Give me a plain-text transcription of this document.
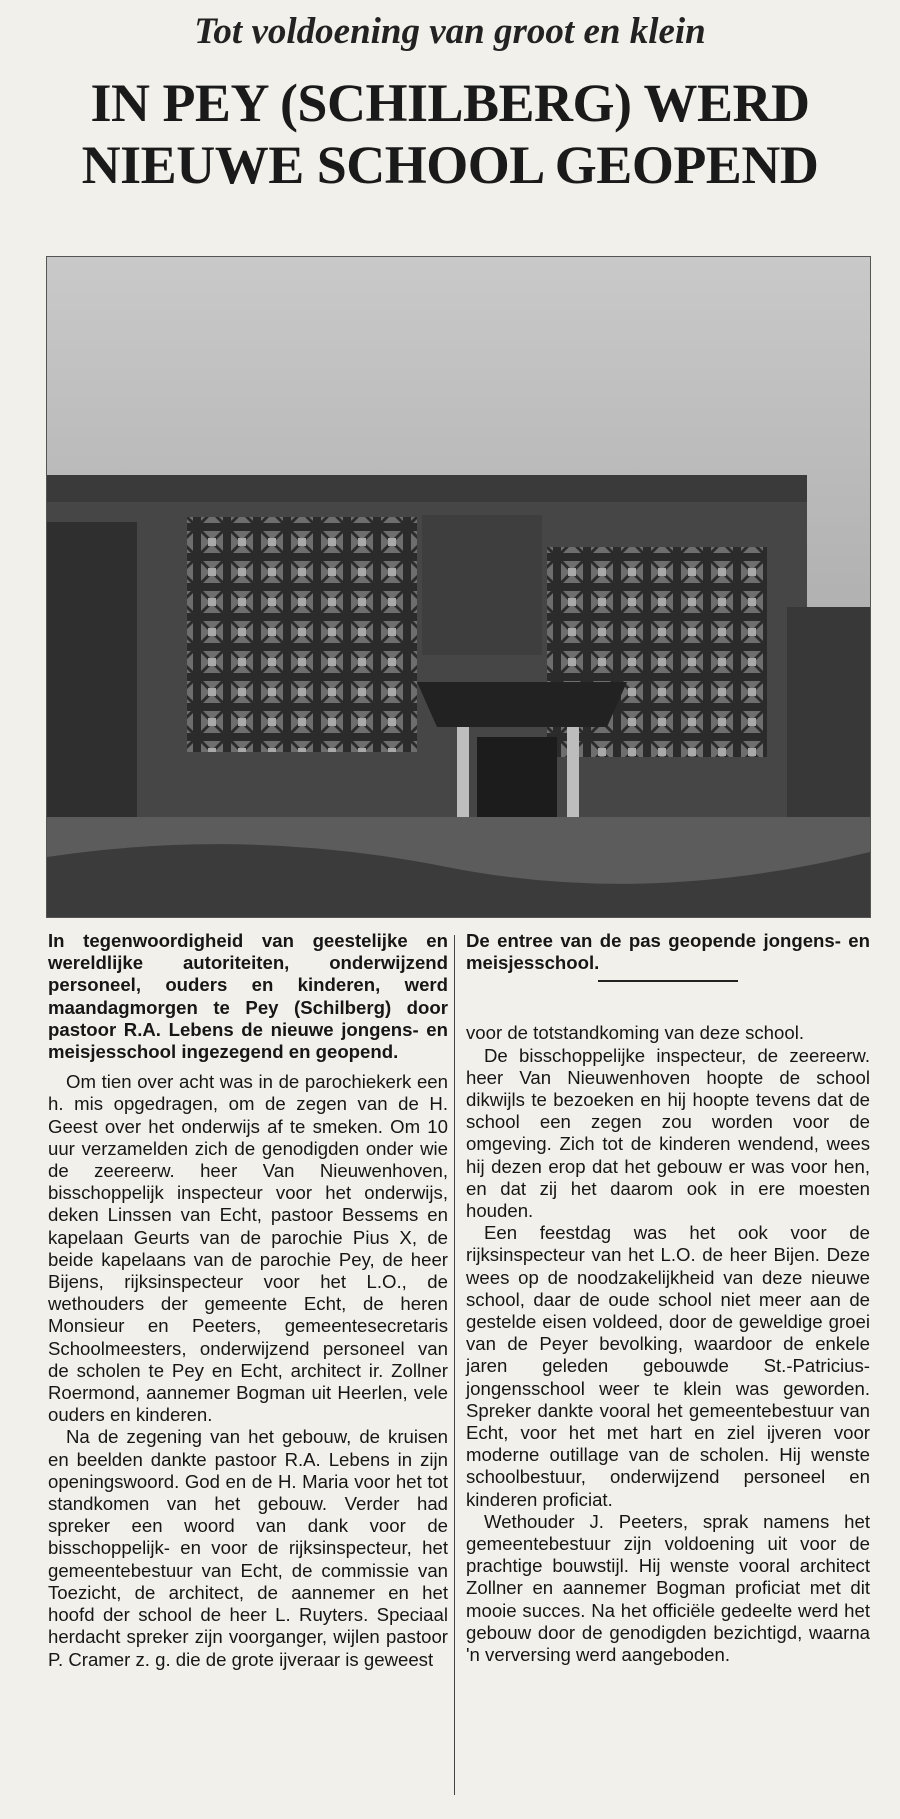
Tot voldoening van groot en klein
IN PEY (SCHILBERG) WERD NIEUWE SCHOOL GEOPEND

In tegenwoordigheid van geestelijke en wereldlijke autoriteiten, onderwijzend personeel, ouders en kinderen, werd maandagmorgen te Pey (Schilberg) door pastoor R.A. Lebens de nieuwe jongens- en meisjesschool ingezegend en geopend.

Om tien over acht was in de parochiekerk een h. mis opgedragen, om de zegen van de H. Geest over het onderwijs af te smeken. Om 10 uur verzamelden zich de genodigden onder wie de zeereerw. heer Van Nieuwenhoven, bisschoppelijk inspecteur voor het onderwijs, deken Linssen van Echt, pastoor Bessems en kapelaan Geurts van de parochie Pius X, de beide kapelaans van de parochie Pey, de heer Bijens, rijksinspecteur voor het L.O., de wethouders der gemeente Echt, de heren Monsieur en Peeters, gemeentesecretaris Schoolmeesters, onderwijzend personeel van de scholen te Pey en Echt, architect ir. Zollner Roermond, aannemer Bogman uit Heerlen, vele ouders en kinderen.

Na de zegening van het gebouw, de kruisen en beelden dankte pastoor R.A. Lebens in zijn openingswoord. God en de H. Maria voor het tot standkomen van het gebouw. Verder had spreker een woord van dank voor de bisschoppelijk- en voor de rijksinspecteur, het gemeentebestuur van Echt, de commissie van Toezicht, de architect, de aannemer en het hoofd der school de heer L. Ruyters. Speciaal herdacht spreker zijn voorganger, wijlen pastoor P. Cramer z. g. die de grote ijveraar is geweest

De entree van de pas geopende jongens- en meisjesschool.

voor de totstandkoming van deze school.

De bisschoppelijke inspecteur, de zeereerw. heer Van Nieuwenhoven hoopte de school dikwijls te bezoeken en hij hoopte tevens dat de school een zegen zou worden voor de omgeving. Zich tot de kinderen wendend, wees hij dezen erop dat het gebouw er was voor hen, en dat zij het daarom ook in ere moesten houden.

Een feestdag was het ook voor de rijksinspecteur van het L.O. de heer Bijen. Deze wees op de noodzakelijkheid van deze nieuwe school, daar de oude school niet meer aan de gestelde eisen voldeed, door de geweldige groei van de Peyer bevolking, waardoor de enkele jaren geleden gebouwde St.-Patricius-jongensschool weer te klein was geworden. Spreker dankte vooral het gemeentebestuur van Echt, voor het met hart en ziel ijveren voor moderne outillage van de scholen. Hij wenste schoolbestuur, onderwijzend personeel en kinderen proficiat.

Wethouder J. Peeters, sprak namens het gemeentebestuur zijn voldoening uit voor de prachtige bouwstijl. Hij wenste vooral architect Zollner en aannemer Bogman proficiat met dit mooie succes. Na het officiële gedeelte werd het gebouw door de genodigden bezichtigd, waarna 'n verversing werd aangeboden.
